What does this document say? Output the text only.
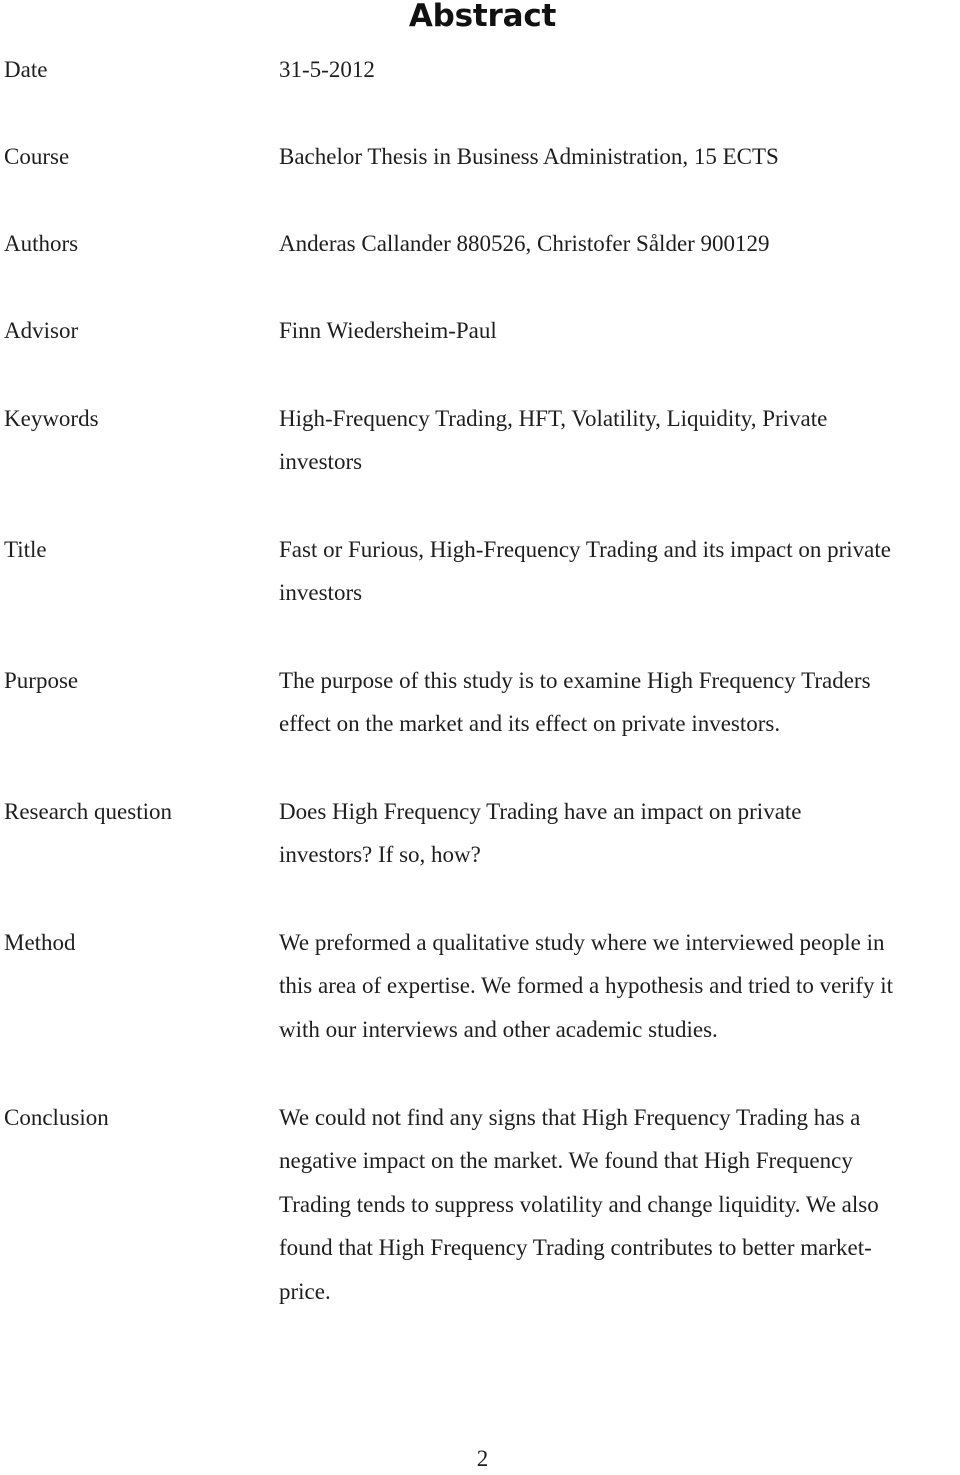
Abstract
Date	31-5-2012
Course	Bachelor Thesis in Business Administration, 15 ECTS
Authors	Anderas Callander 880526, Christofer Sålder 900129
Advisor	Finn Wiedersheim-Paul
Keywords	High-Frequency Trading, HFT, Volatility, Liquidity, Private
investors
Title	Fast or Furious, High-Frequency Trading and its impact on private
investors
Purpose	The purpose of this study is to examine High Frequency Traders
effect on the market and its effect on private investors.
Research question	Does High Frequency Trading have an impact on private
investors? If so, how?
Method	We preformed a qualitative study where we interviewed people in
this area of expertise. We formed a hypothesis and tried to verify it
with our interviews and other academic studies.
Conclusion	We could not find any signs that High Frequency Trading has a
negative impact on the market. We found that High Frequency
Trading tends to suppress volatility and change liquidity. We also
found that High Frequency Trading contributes to better market-
price.
2
